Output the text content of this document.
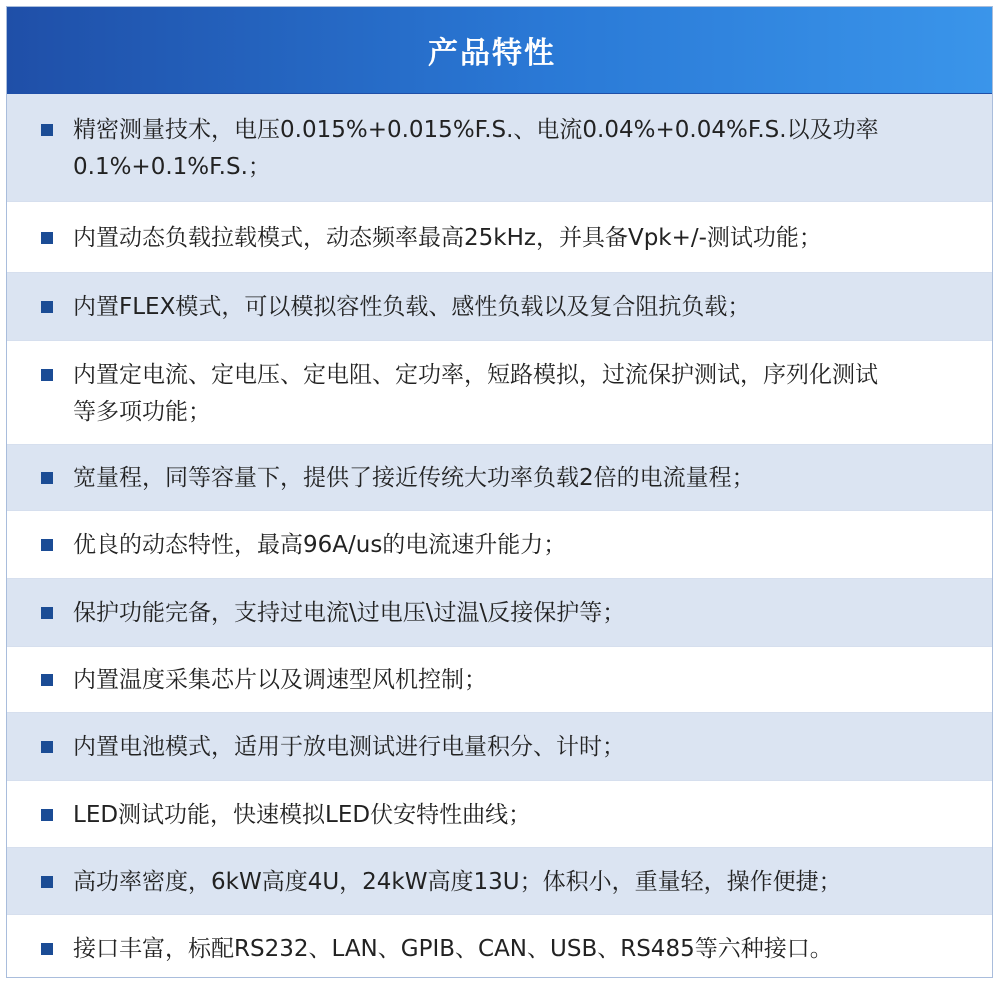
产品特性
精密测量技术，电压0.015%+0.015%F.S.、电流0.04%+0.04%F.S.以及功率
0.1%+0.1%F.S.；
内置动态负载拉载模式，动态频率最高25kHz，并具备Vpk+/-测试功能；
内置FLEX模式，可以模拟容性负载、感性负载以及复合阻抗负载；
内置定电流、定电压、定电阻、定功率，短路模拟，过流保护测试，序列化测试
等多项功能；
宽量程，同等容量下，提供了接近传统大功率负载2倍的电流量程；
优良的动态特性，最高96A/us的电流速升能力；
保护功能完备，支持过电流\过电压\过温\反接保护等；
内置温度采集芯片以及调速型风机控制；
内置电池模式，适用于放电测试进行电量积分、计时；
LED测试功能，快速模拟LED伏安特性曲线；
高功率密度，6kW高度4U，24kW高度13U；体积小，重量轻，操作便捷；
接口丰富，标配RS232、LAN、GPIB、CAN、USB、RS485等六种接口。
